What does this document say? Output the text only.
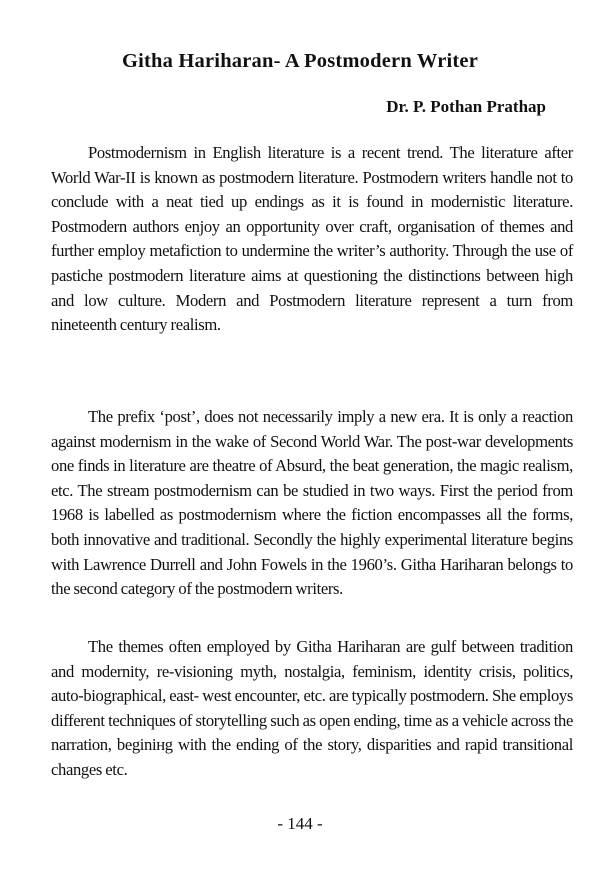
Githa Hariharan- A Postmodern Writer

Dr. P. Pothan Prathap

Postmodernism in English literature is a recent trend. The literature after World War-II is known as postmodern literature. Postmodern writers handle not to conclude with a neat tied up endings as it is found in modernistic literature. Postmodern authors enjoy an opportunity over craft, organisation of themes and further employ metafiction to undermine the writer’s authority. Through the use of pastiche postmodern literature aims at questioning the distinctions between high and low culture. Modern and Postmodern literature represent a turn from nineteenth century realism.

The prefix ‘post’, does not necessarily imply a new era. It is only a reaction against modernism in the wake of Second World War. The post-war developments one finds in literature are theatre of Absurd, the beat generation, the magic realism, etc. The stream postmodernism can be studied in two ways. First the period from 1968 is labelled as postmodernism where the fiction encompasses all the forms, both innovative and traditional. Secondly the highly experimental literature begins with Lawrence Durrell and John Fowels in the 1960’s. Githa Hariharan belongs to the second category of the postmodern writers.

The themes often employed by Githa Hariharan are gulf between tradition and modernity, re-visioning myth, nostalgia, feminism, identity crisis, politics, auto-biographical, east- west encounter, etc. are typically postmodern. She employs different techniques of storytelling such as open ending, time as a vehicle across the narration, beginінg with the ending of the story, disparities and rapid transitional changes etc.

- 144 -
